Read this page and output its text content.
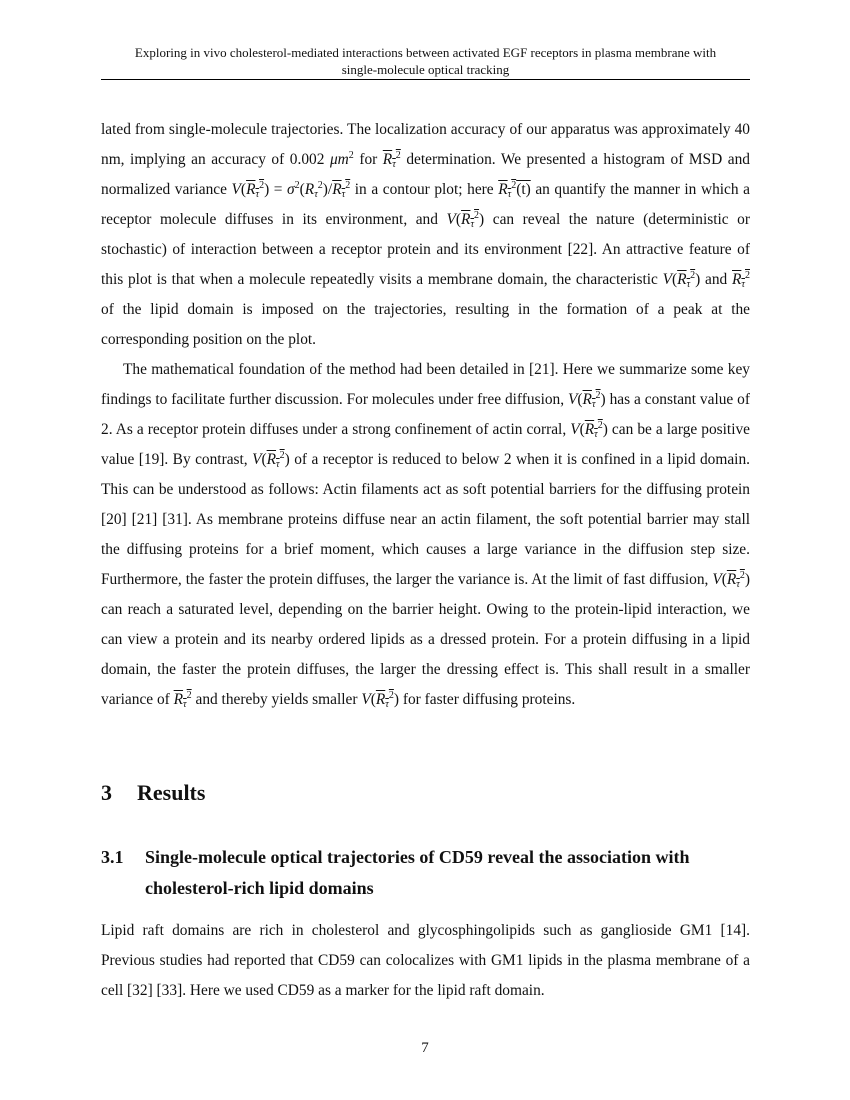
Exploring in vivo cholesterol-mediated interactions between activated EGF receptors in plasma membrane with
single-molecule optical tracking

lated from single-molecule trajectories. The localization accuracy of our apparatus was approximately 40 nm, implying an accuracy of 0.002 $\mu m^2$ for $R_\tau^2$ determination. We presented a histogram of MSD and normalized variance $V(R_\tau^2) = \sigma^2(R_\tau^2)/R_\tau^2$ in a contour plot; here $R_\tau^2(t)$ an quantify the manner in which a receptor molecule diffuses in its environment, and $V(R_\tau^2)$ can reveal the nature (deterministic or stochastic) of interaction between a receptor protein and its environment [22]. An attractive feature of this plot is that when a molecule repeatedly visits a membrane domain, the characteristic $V(R_\tau^2)$ and $R_\tau^2$ of the lipid domain is imposed on the trajectories, resulting in the formation of a peak at the corresponding position on the plot.

The mathematical foundation of the method had been detailed in [21]. Here we summarize some key findings to facilitate further discussion. For molecules under free diffusion, $V(R_\tau^2)$ has a constant value of 2. As a receptor protein diffuses under a strong confinement of actin corral, $V(R_\tau^2)$ can be a large positive value [19]. By contrast, $V(R_\tau^2)$ of a receptor is reduced to below 2 when it is confined in a lipid domain. This can be understood as follows: Actin filaments act as soft potential barriers for the diffusing protein [20] [21] [31]. As membrane proteins diffuse near an actin filament, the soft potential barrier may stall the diffusing proteins for a brief moment, which causes a large variance in the diffusion step size. Furthermore, the faster the protein diffuses, the larger the variance is. At the limit of fast diffusion, $V(R_\tau^2)$ can reach a saturated level, depending on the barrier height. Owing to the protein-lipid interaction, we can view a protein and its nearby ordered lipids as a dressed protein. For a protein diffusing in a lipid domain, the faster the protein diffuses, the larger the dressing effect is. This shall result in a smaller variance of $R_\tau^2$ and thereby yields smaller $V(R_\tau^2)$ for faster diffusing proteins.

3 Results
3.1 Single-molecule optical trajectories of CD59 reveal the association with cholesterol-rich lipid domains

Lipid raft domains are rich in cholesterol and glycosphingolipids such as ganglioside GM1 [14]. Previous studies had reported that CD59 can colocalizes with GM1 lipids in the plasma membrane of a cell [32] [33]. Here we used CD59 as a marker for the lipid raft domain.

7
